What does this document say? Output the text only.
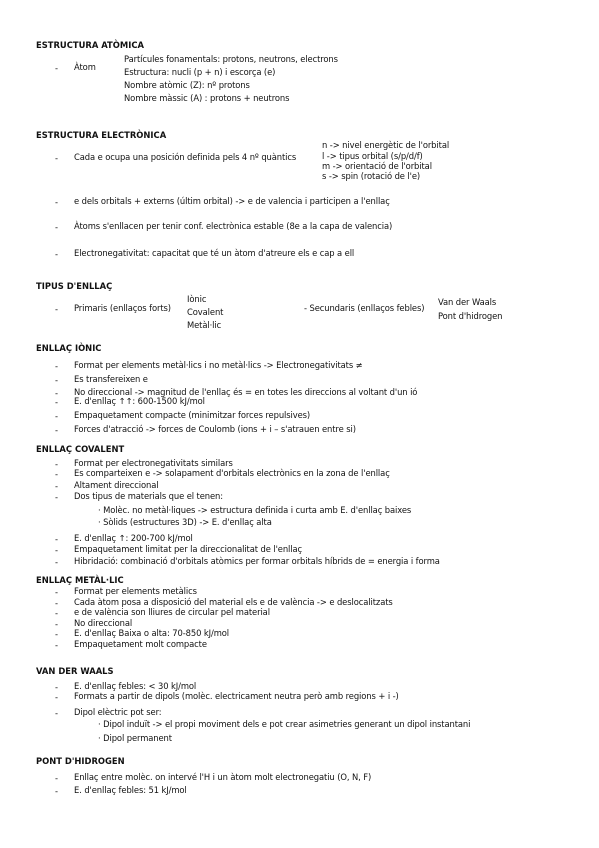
ESTRUCTURA ATÒMICA
- Àtom
Partícules fonamentals: protons, neutrons, electrons
Estructura: nucli (p + n) i escorça (e)
Nombre atòmic (Z): nº protons
Nombre màssic (A) : protons + neutrons
ESTRUCTURA ELECTRÒNICA
n -> nivel energètic de l'orbital
l -> tipus orbital (s/p/d/f)
m -> orientació de l'orbital
s -> spin (rotació de l'e)
- Cada e ocupa una posición definida pels 4 nº quàntics
- e dels orbitals + externs (últim orbital) -> e de valencia i participen a l'enllaç
- Àtoms s'enllacen per tenir conf. electrònica estable (8e a la capa de valencia)
- Electronegativitat: capacitat que té un àtom d'atreure els e cap a ell
TIPUS D'ENLLAÇ
- Primaris (enllaços forts)
Iònic
Covalent
Metàl·lic
- Secundaris (enllaços febles)
Van der Waals
Pont d'hidrogen
ENLLAÇ IÒNIC
- Format per elements metàl·lics i no metàl·lics -> Electronegativitats ≠
- Es transfereixen e
- No direccional -> magnitud de l'enllaç és = en totes les direccions al voltant d'un ió
- E. d'enllaç ↑↑: 600-1500 kJ/mol
- Empaquetament compacte (minimitzar forces repulsives)
- Forces d'atracció -> forces de Coulomb (ions + i – s'atrauen entre si)
ENLLAÇ COVALENT
- Format per electronegativitats similars
- Es comparteixen e -> solapament d'orbitals electrònics en la zona de l'enllaç
- Altament direccional
- Dos tipus de materials que el tenen:
· Molèc. no metàl·liques -> estructura definida i curta amb E. d'enllaç baixes
· Sòlids (estructures 3D) -> E. d'enllaç alta
- E. d'enllaç ↑: 200-700 kJ/mol
- Empaquetament limitat per la direccionalitat de l'enllaç
- Hibridació: combinació d'orbitals atòmics per formar orbitals híbrids de = energia i forma
ENLLAÇ METÀL·LIC
- Format per elements metàlics
- Cada àtom posa a disposició del material els e de valència -> e deslocalitzats
- e de valència son lliures de circular pel material
- No direccional
- E. d'enllaç Baixa o alta: 70-850 kJ/mol
- Empaquetament molt compacte
VAN DER WAALS
- E. d'enllaç febles: < 30 kJ/mol
- Formats a partir de dipols (molèc. electricament neutra però amb regions + i -)
- Dipol elèctric pot ser:
· Dipol induït -> el propi moviment dels e pot crear asimetries generant un dipol instantani
· Dipol permanent
PONT D'HIDROGEN
- Enllaç entre molèc. on intervé l'H i un àtom molt electronegatiu (O, N, F)
- E. d'enllaç febles: 51 kJ/mol
